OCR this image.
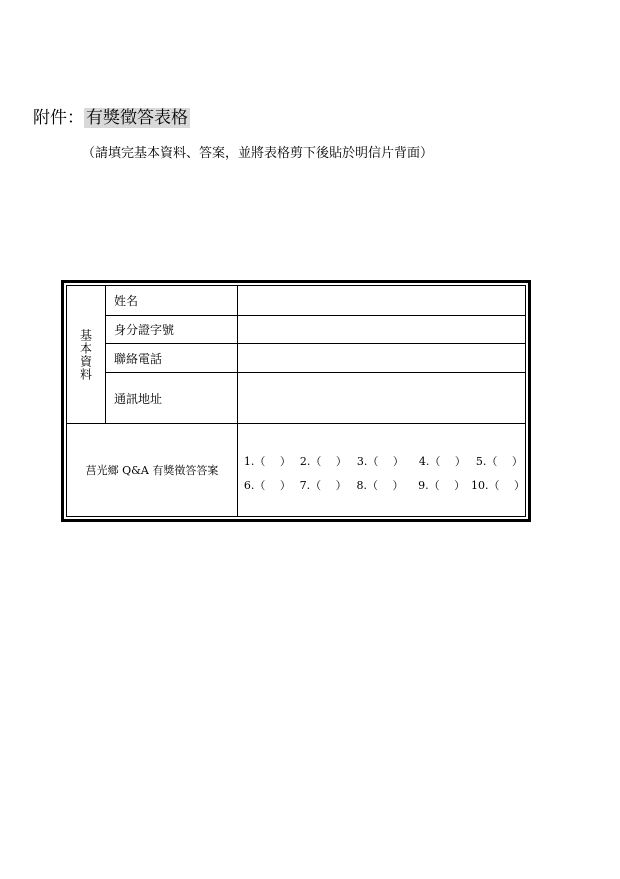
附件： 有獎徵答表格
（請填完基本資料、答案，並將表格剪下後貼於明信片背面）
基本資料
姓名
身分證字號
聯絡電話
通訊地址
莒光鄉 Q&A 有獎徵答答案
1.（　 ） 2.（　 ） 3.（　 ）	4.（　 ） 5.（　 ）
6.（　 ） 7.（　 ） 8.（　 ）	9.（　 ） 10.（　 ）
